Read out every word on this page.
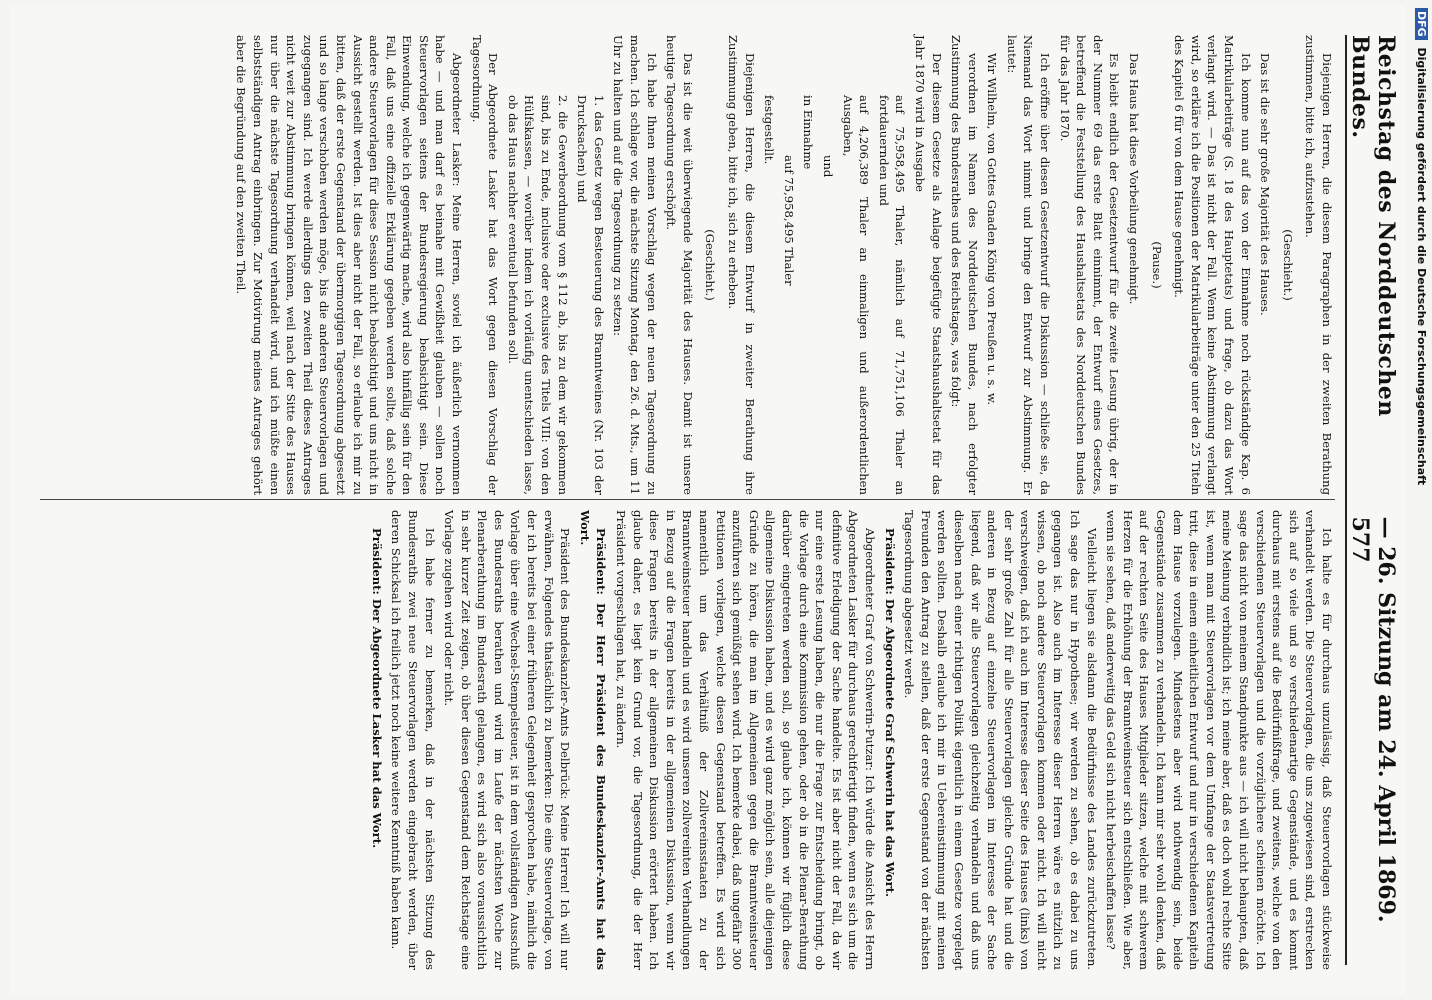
Reichstag des Norddeutschen Bundes.
— 26. Sitzung am 24. April 1869. 577

Diejenigen Herren, die diesem Paragraphen in der zweiten Berathung zustimmen, bitte ich, aufzustehen.

(Geschieht.)

Das ist die sehr große Majorität des Hauses.

Ich komme nun auf das von der Einnahme noch rückständige Kap. 6 Matrikularbeiträge (S. 18 des Hauptetats) und frage, ob dazu das Wort verlangt wird. — Das ist nicht der Fall. Wenn keine Abstimmung verlangt wird, so erkläre ich die Positionen der Matrikularbeiträge unter den 25 Titeln des Kapitel 6 für von dem Hause genehmigt.

(Pause.)

Das Haus hat diese Vorbeilung genehmigt.

Es bleibt endlich der Gesetzentwurf für die zweite Lesung übrig, der in der Nummer 69 das erste Blatt einnimmt, der Entwurf eines Gesetzes, betreffend die Feststellung des Haushaltsetats des Norddeutschen Bundes für das Jahr 1870.

Ich eröffne über diesen Gesetzentwurf die Diskussion — schließe sie, da Niemand das Wort nimmt und bringe den Entwurf zur Abstimmung. Er lautet:

Wir Wilhelm, von Gottes Gnaden König von Preußen u. s. w.

verordnen im Namen des Norddeutschen Bundes, nach erfolgter Zustimmung des Bundesrathes und des Reichstages, was folgt:

Der diesem Gesetze als Anlage beigefügte Staatshaushaltsetat für das Jahr 1870 wird in Ausgabe

auf 75,958,495 Thaler, nämlich auf 71,751,106 Thaler an fortdauernden und

auf 4,206,389 Thaler an einmaligen und außerordentlichen Ausgaben,

und

in Einnahme

auf 75,958,495 Thaler

festgestellt.

Diejenigen Herren, die diesem Entwurf in zweiter Berathung ihre Zustimmung geben, bitte ich, sich zu erheben.

(Geschieht.)

Das ist die weit überwiegende Majorität des Hauses. Damit ist unsere heutige Tagesordnung erschöpft.

Ich habe Ihnen meinen Vorschlag wegen der neuen Tagesordnung zu machen. Ich schlage vor, die nächste Sitzung Montag, den 26. d. Mts., um 11 Uhr zu halten und auf die Tagesordnung zu setzen:

1. das Gesetz wegen Besteuerung des Branntweines (Nr. 103 der Drucksachen) und

2. die Gewerbeordnung vom § 112 ab, bis zu dem wir gekommen sind, bis zu Ende, inclusive oder exclusive des Titels VIII: von den Hülfskassen, — worüber indem ich vorläufig unentschieden lasse, ob das Haus nachher eventuell befunden soll.

Der Abgeordnete Lasker hat das Wort gegen diesen Vorschlag der Tagesordnung.

Abgeordneter Lasker: Meine Herren, soviel ich äußerlich vernommen habe — und man darf es beinahe mit Gewißheit glauben — sollen noch Steuervorlagen seitens der Bundesregierung beabsichtigt sein. Diese Einwendung, welche ich gegenwärtig mache, wird also hinfällig sein für den Fall, daß uns eine offizielle Erklärung gegeben werden sollte, daß solche andere Steuervorlagen für diese Session nicht beabsichtigt und uns nicht in Aussicht gestellt werden. Ist dies aber nicht der Fall, so erlaube ich mir zu bitten, daß der erste Gegenstand der übermorgigen Tagesordnung abgesetzt und so lange verschoben werden möge, bis die anderen Steuervorlagen und zugegangen sind. Ich werde allerdings den zweiten Theil dieses Antrages nicht weit zur Abstimmung bringen können, weil nach der Sitte des Hauses nur über die nächste Tagesordnung verhandelt wird, und ich müßte einen selbstständigen Antrag einbringen. Zur Motivirung meines Antrages gehört aber die Begründung auf den zweiten Theil.

Ich halte es für durchaus unzulässig, daß Steuervorlagen stückweise verhandelt werden. Die Steuervorlagen, die uns zugewiesen sind, erstrecken sich auf so viele und so verschiedenartige Gegenstände, und es kommt durchaus mit erstens auf die Bedürfnißfrage, und zweitens, welche von den verschiedenen Steuervorlagen und die vorzüglichere scheinen möchte. Ich sage das nicht von meinem Standpunkte aus — ich will nicht behaupten, daß meine Meinung verbindlich ist; ich meine aber, daß es doch wohl rechte Sitte ist, wenn man mit Steuervorlagen vor dem Umfange der Staatsvertretung tritt, diese in einem einheitlichen Entwurf und nur in verschiedenen Kapiteln dem Hause vorzulegen. Mindestens aber wird nothwendig sein, beide Gegenstände zusammen zu verhandeln. Ich kann mir sehr wohl denken, daß auf der rechten Seite des Hauses Mitglieder sitzen, welche mit schwerem Herzen für die Erhöhung der Branntweinsteuer sich entschließen. Wie aber, wenn sie sehen, daß anderweitig das Geld sich nicht herbeischaffen lasse?

Vielleicht liegen sie alsdann die Bedürfnisse des Landes zurückzutreten. Ich sage das nur in Hypothese; wir werden zu sehen, ob es dabei zu uns gegangen ist. Also auch im Interesse dieser Herren wäre es nützlich zu wissen, ob noch andere Steuervorlagen kommen oder nicht. Ich will nicht verschweigen, daß ich auch im Interesse dieser Seite des Hauses (links) von der sehr große Zahl für alle Steuervorlagen gleiche Gründe hat und die anderen in Bezug auf einzelne Steuervorlagen im Interesse der Sache liegend, daß wir alle Steuervorlagen gleichzeitig verhandeln und daß uns dieselben nach einer richtigen Politik eigentlich in einem Gesetze vorgelegt werden sollten. Deshalb erlaube ich mir in Uebereinstimmung mit meinen Freunden den Antrag zu stellen, daß der erste Gegenstand von der nächsten Tagesordnung abgesetzt werde.

Präsident: Der Abgeordnete Graf Schwerin hat das Wort.

Abgeordneter Graf von Schwerin-Putzar: Ich würde die Ansicht des Herrn Abgeordneten Lasker für durchaus gerechtfertigt finden, wenn es sich um die definitive Erledigung der Sache handelte. Es ist aber nicht der Fall, da wir nur eine erste Lesung haben, die nur die Frage zur Entscheidung bringt, ob die Vorlage durch eine Kommission gehen, oder ob in die Plenar-Berathung darüber eingetreten werden soll, so glaube ich, können wir füglich diese allgemeine Diskussion haben, und es wird ganz möglich sein, alle diejenigen Gründe zu hören, die man im Allgemeinen gegen die Branntweinsteuer anzuführen sich gemüßigt sehen wird. Ich bemerke dabei, daß ungefähr 300 Petitionen vorliegen, welche diesen Gegenstand betreffen. Es wird sich namentlich um das Verhältniß der Zollvereinsstaaten zu der Branntweinsteuer handeln und es wird unseren zollvereinten Verhandlungen in Bezug auf die Fragen bereits in der allgemeinen Diskussion, wenn wir diese Fragen bereits in der allgemeinen Diskussion erörtert haben. Ich glaube daher, es liegt kein Grund vor, die Tagesordnung, die der Herr Präsident vorgeschlagen hat, zu ändern.

Präsident: Der Herr Präsident des Bundeskanzler-Amts hat das Wort.

Präsident des Bundeskanzler-Amts Delbrück: Meine Herren! Ich will nur erwähnen, Folgendes thatsächlich zu bemerken: Die eine Steuervorlage, von der ich bereits bei einer früheren Gelegenheit gesprochen habe, nämlich die Vorlage über eine Wechsel-Stempelsteuer, ist in dem vollständigen Ausschuß des Bundesraths berathen und wird im Laufe der nächsten Woche zur Plenarberathung im Bundesrath gelangen, es wird sich also voraussichtlich in sehr kurzer Zeit zeigen, ob über diesen Gegenstand dem Reichstage eine Vorlage zugehen wird oder nicht.

Ich habe ferner zu bemerken, daß in der nächsten Sitzung des Bundesraths zwei neue Steuervorlagen werden eingebracht werden, über deren Schicksal ich freilich jetzt noch keine weitere Kenntniß haben kann.

Präsident: Der Abgeordnete Lasker hat das Wort.

DFG Digitalisierung gefördert durch die Deutsche Forschungsgemeinschaft
